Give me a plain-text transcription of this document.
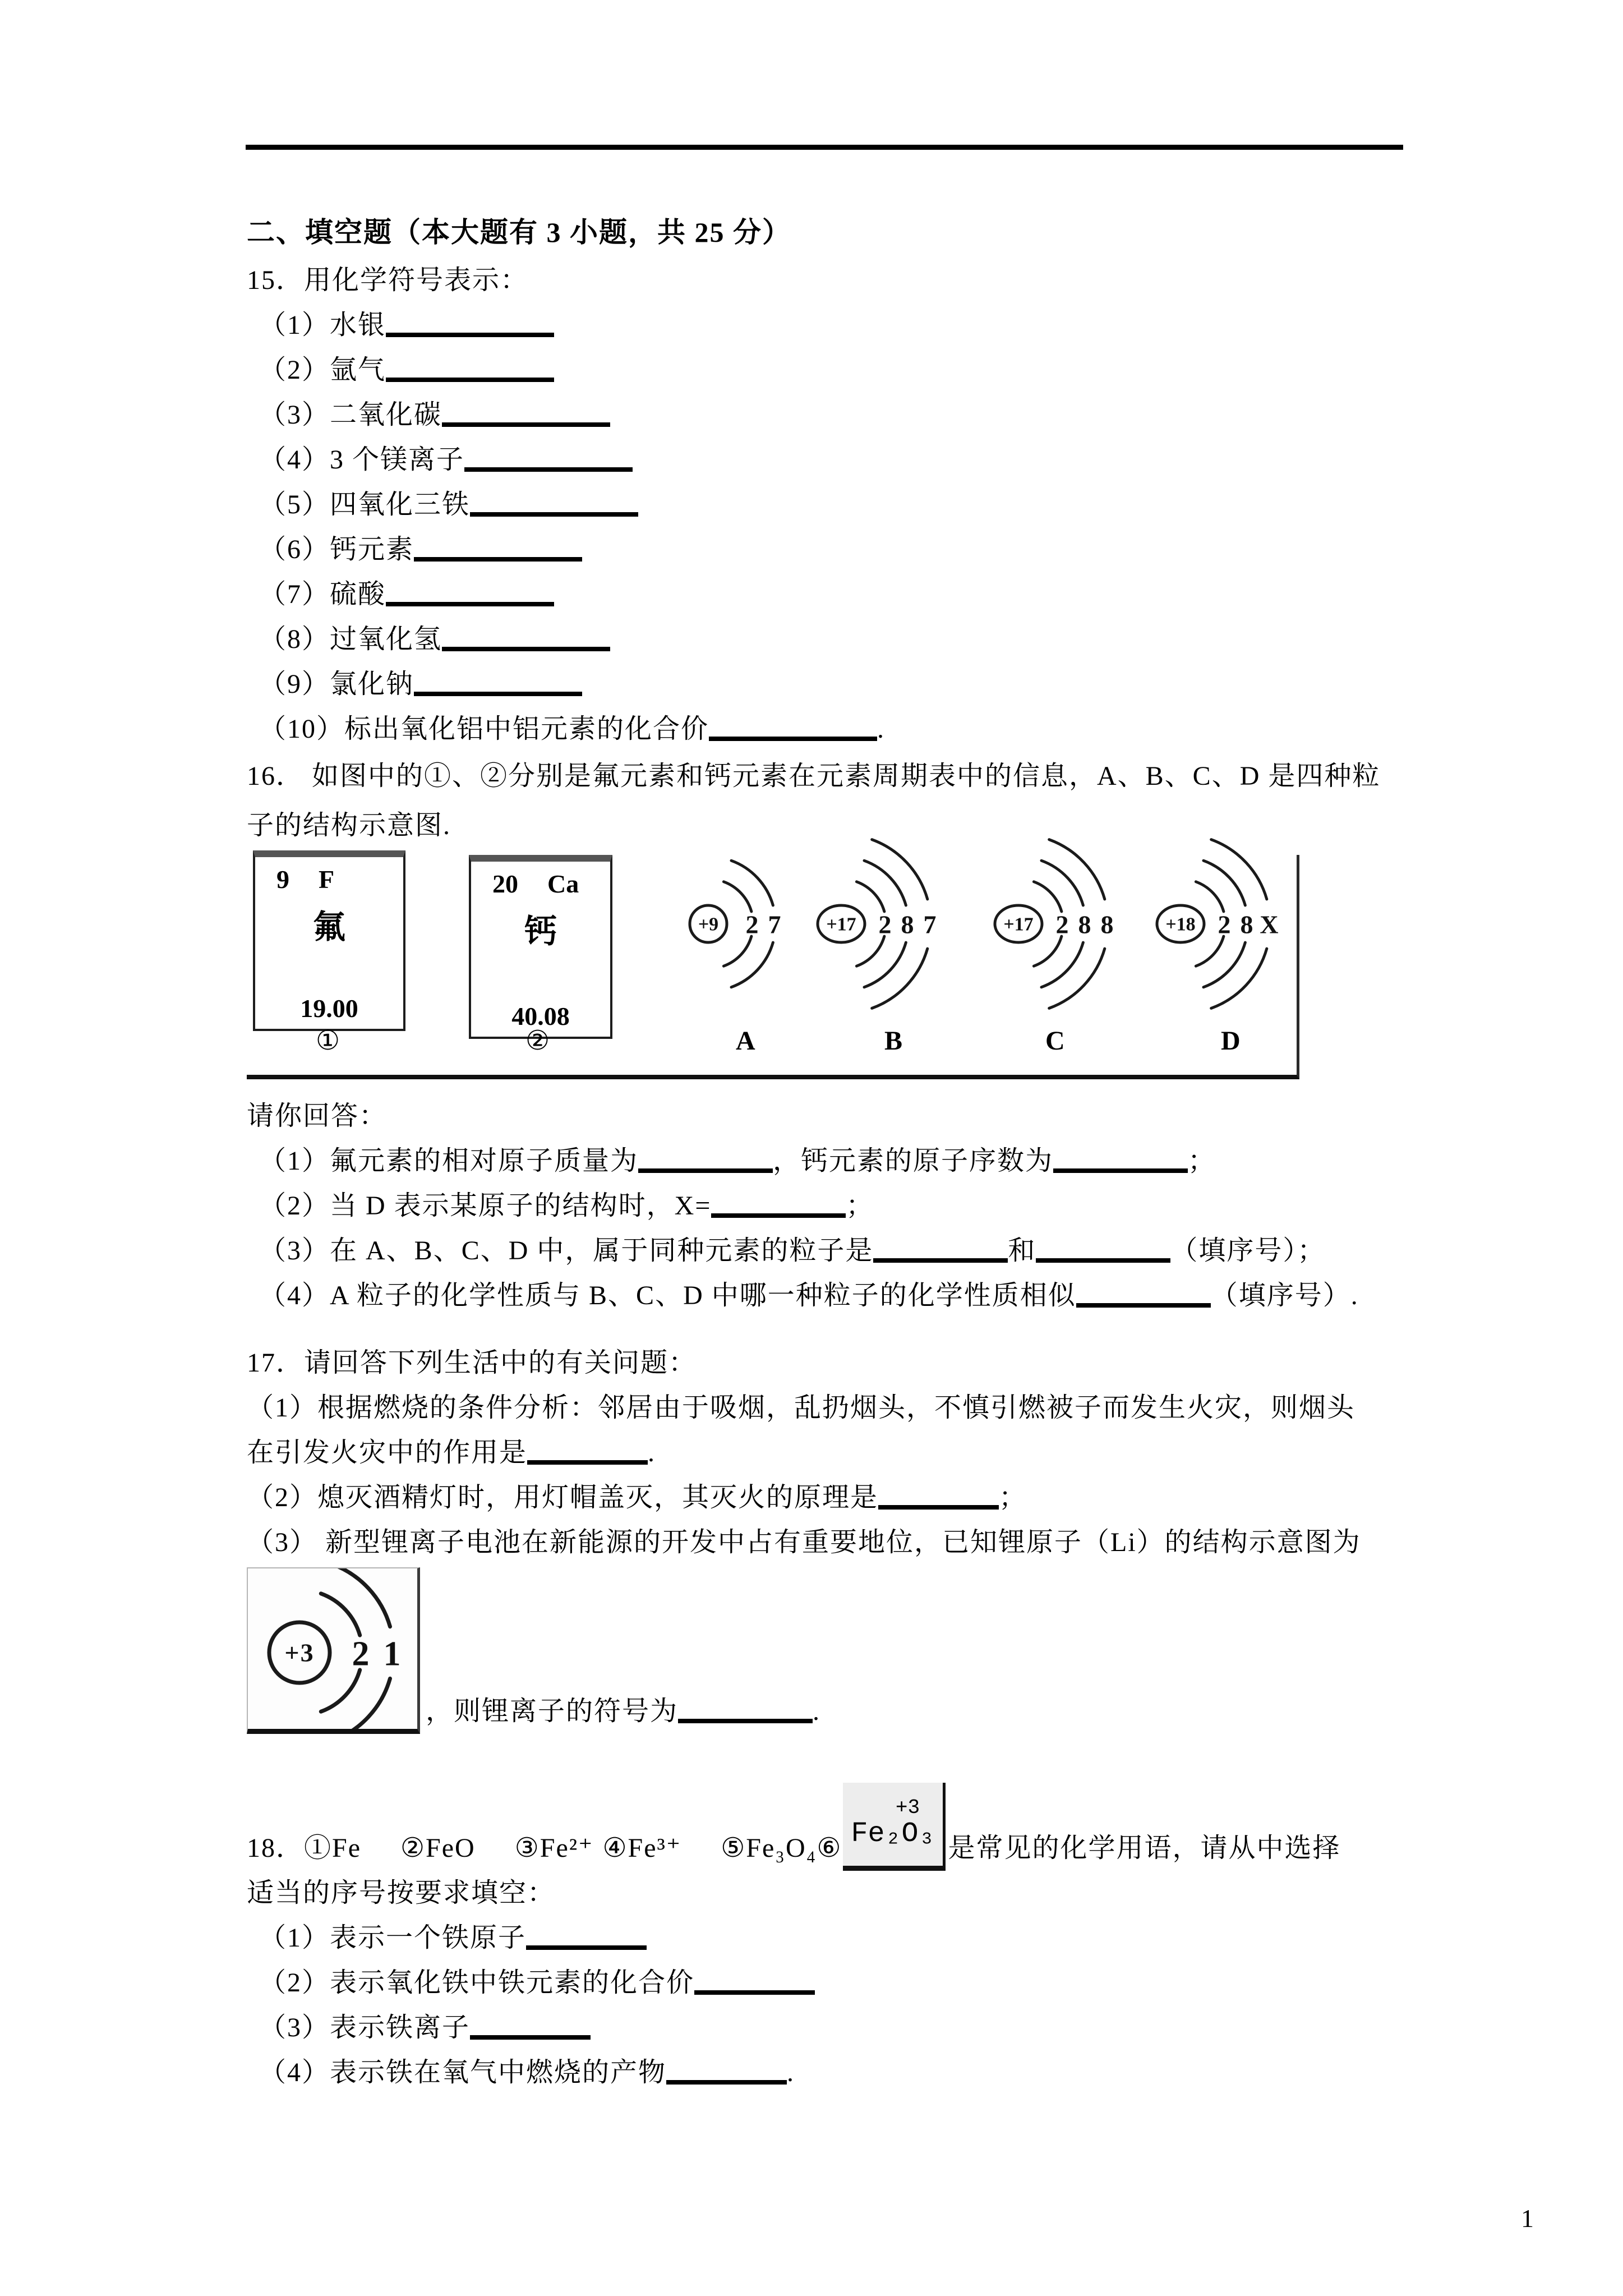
二、填空题（本大题有 3 小题，共 25 分）
15．用化学符号表示：
（1）水银
（2）氩气
（3）二氧化碳
（4）3 个镁离子
（5）四氧化三铁
（6）钙元素
（7）硫酸
（8）过氧化氢
（9）氯化钠
（10）标出氧化铝中铝元素的化合价	.
16． 如图中的①、②分别是氟元素和钙元素在元素周期表中的信息，A、B、C、D 是四种粒
子的结构示意图.
9 F
氟
19.00
20 Ca
钙
40.08
+9 2 7 +17 2 8 7	+17 2 8 8	+18 2 8 X
①	②	A	B	C	D
请你回答：
（1）氟元素的相对原子质量为	，钙元素的原子序数为	；
（2）当 D 表示某原子的结构时，X=	；
（3）在 A、B、C、D 中，属于同种元素的粒子是	和	（填序号）；
（4）A 粒子的化学性质与 B、C、D 中哪一种粒子的化学性质相似	（填序号）.
17．请回答下列生活中的有关问题：
（1）根据燃烧的条件分析：邻居由于吸烟，乱扔烟头，不慎引燃被子而发生火灾，则烟头
在引发火灾中的作用是	.
（2）熄灭酒精灯时，用灯帽盖灭，其灭火的原理是	；
（3） 新型锂离子电池在新能源的开发中占有重要地位，已知锂原子（Li）的结构示意图为
+3 2 1
，则锂离子的符号为	.
18．①Fe ②FeO ③Fe²⁺ ④Fe³⁺ ⑤Fe₃O₄⑥
+3
Fe₂O₃ 是常见的化学用语，请从中选择
适当的序号按要求填空：
（1）表示一个铁原子
（2）表示氧化铁中铁元素的化合价
（3）表示铁离子
（4）表示铁在氧气中燃烧的产物	.
1
